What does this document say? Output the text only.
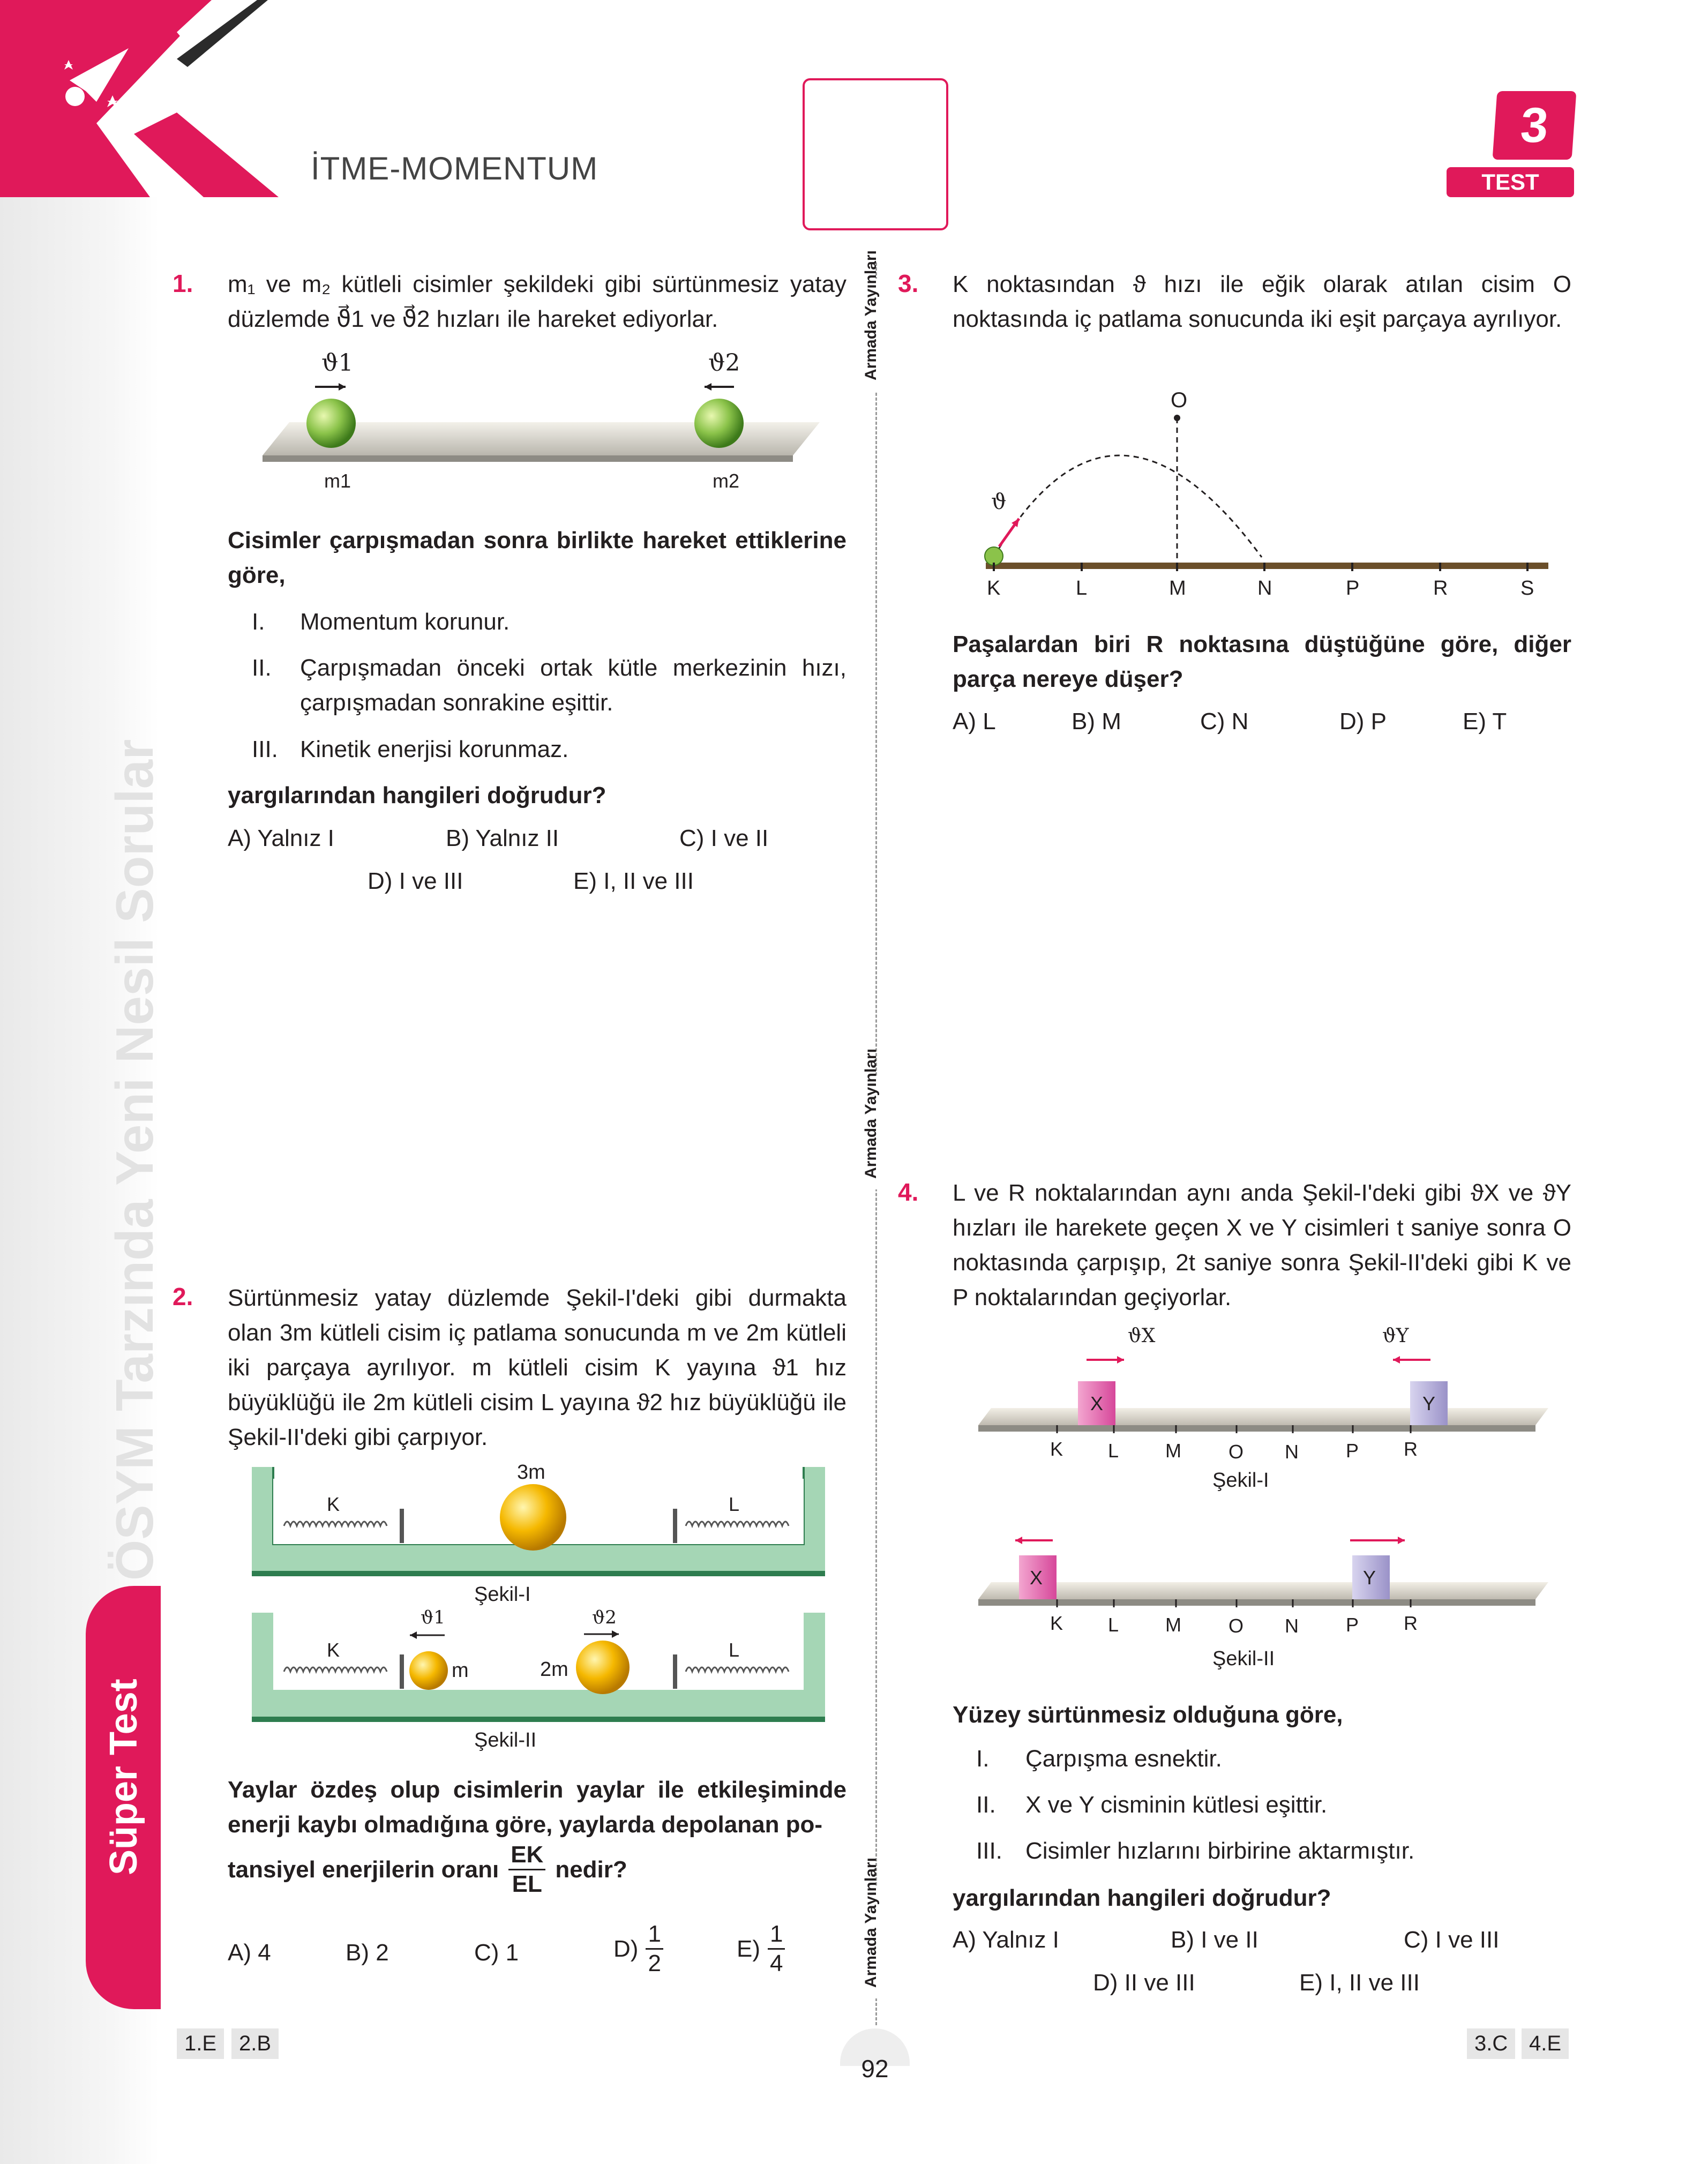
İTME-MOMENTUM
3
TEST
ÖSYM Tarzında Yeni Nesil Sorular
Süper Test
Armada Yayınları
Armada Yayınları
Armada Yayınları
1. m₁ ve m₂ kütleli cisimler şekildeki gibi sürtünmesiz yatay düzlemde ϑ⃗1 ve ϑ⃗2 hızları ile hareket ediyorlar.
ϑ1	ϑ2
m1	m2
Cisimler çarpışmadan sonra birlikte hareket ettiklerine göre,
I. Momentum korunur.
II. Çarpışmadan önceki ortak kütle merkezinin hızı, çarpışmadan sonrakine eşittir.
III. Kinetik enerjisi korunmaz.
yargılarından hangileri doğrudur?
A) Yalnız I	B) Yalnız II	C) I ve II
D) I ve III	E) I, II ve III
2. Sürtünmesiz yatay düzlemde Şekil-I'deki gibi durmakta olan 3m kütleli cisim iç patlama sonucunda m ve 2m kütleli iki parçaya ayrılıyor. m kütleli cisim K yayına ϑ1 hız büyüklüğü ile 2m kütleli cisim L yayına ϑ2 hız büyüklüğü ile Şekil-II'deki gibi çarpıyor.
K	L
3m
Şekil-I
ϑ1	ϑ2
K	L
m	2m
Şekil-II
Yaylar özdeş olup cisimlerin yaylar ile etkileşiminde enerji kaybı olmadığına göre, yaylarda depolanan po-
tansiyel enerjilerin oranı $\frac{EK}{EL}$ nedir?
A) 4	B) 2	C) 1	$D) \frac{1}{2}$	$E) \frac{1}{4}$
3. K noktasından ϑ hızı ile eğik olarak atılan cisim O noktasında iç patlama sonucunda iki eşit parçaya ayrılıyor.
O
ϑ
K	L	M	N	P	R	S
Paşalardan biri R noktasına düştüğüne göre, diğer parça nereye düşer?
A) L	B) M	C) N	D) P	E) T
4. L ve R noktalarından aynı anda Şekil-I'deki gibi ϑX ve ϑY hızları ile harekete geçen X ve Y cisimleri t saniye sonra O noktasında çarpışıp, 2t saniye sonra Şekil-II'deki gibi K ve P noktalarından geçiyorlar.
X	Y
ϑX	ϑY
K L M O N P R
Şekil-I
X	Y
K L M O N P R
Şekil-II
Yüzey sürtünmesiz olduğuna göre,
I. Çarpışma esnektir.
II. X ve Y cisminin kütlesi eşittir.
III. Cisimler hızlarını birbirine aktarmıştır.
yargılarından hangileri doğrudur?
A) Yalnız I	B) I ve II	C) I ve III
D) II ve III	E) I, II ve III
1.E	2.B	3.C 4.E
92
